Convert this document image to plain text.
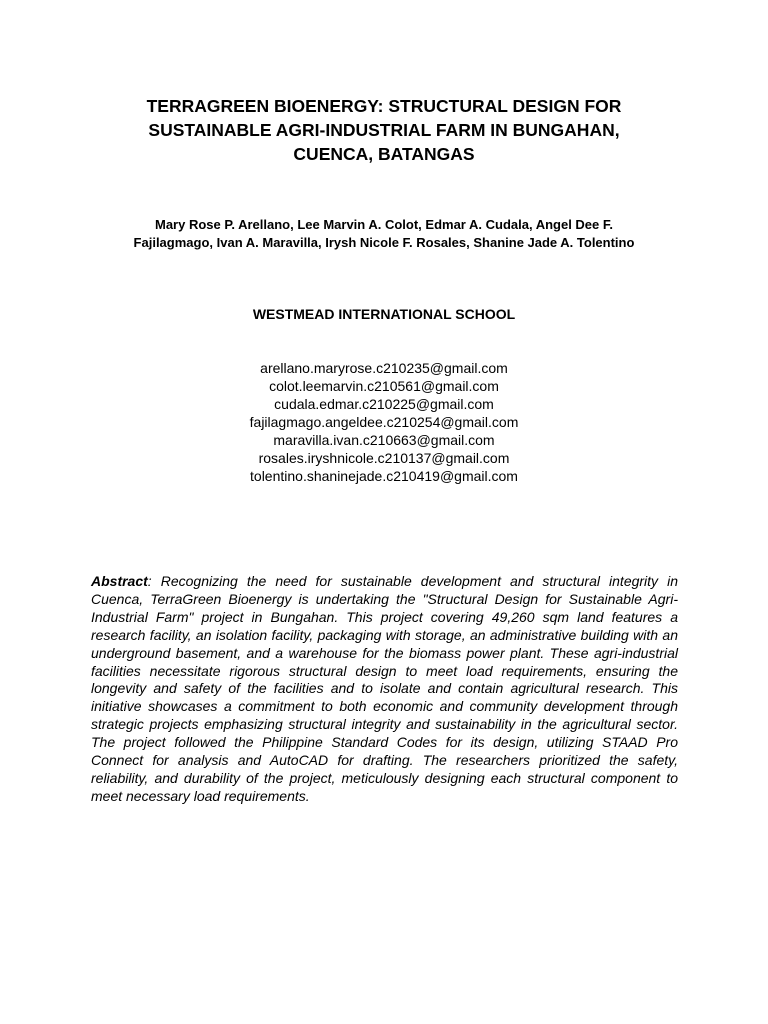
TERRAGREEN BIOENERGY: STRUCTURAL DESIGN FOR
SUSTAINABLE AGRI-INDUSTRIAL FARM IN BUNGAHAN,
CUENCA, BATANGAS

Mary Rose P. Arellano, Lee Marvin A. Colot, Edmar A. Cudala, Angel Dee F.
Fajilagmago, Ivan A. Maravilla, Irysh Nicole F. Rosales, Shanine Jade A. Tolentino

WESTMEAD INTERNATIONAL SCHOOL

arellano.maryrose.c210235@gmail.com
colot.leemarvin.c210561@gmail.com
cudala.edmar.c210225@gmail.com
fajilagmago.angeldee.c210254@gmail.com
maravilla.ivan.c210663@gmail.com
rosales.iryshnicole.c210137@gmail.com
tolentino.shaninejade.c210419@gmail.com

Abstract: Recognizing the need for sustainable development and structural integrity in Cuenca, TerraGreen Bioenergy is undertaking the "Structural Design for Sustainable Agri-Industrial Farm" project in Bungahan. This project covering 49,260 sqm land features a research facility, an isolation facility, packaging with storage, an administrative building with an underground basement, and a warehouse for the biomass power plant. These agri-industrial facilities necessitate rigorous structural design to meet load requirements, ensuring the longevity and safety of the facilities and to isolate and contain agricultural research. This initiative showcases a commitment to both economic and community development through strategic projects emphasizing structural integrity and sustainability in the agricultural sector. The project followed the Philippine Standard Codes for its design, utilizing STAAD Pro Connect for analysis and AutoCAD for drafting. The researchers prioritized the safety, reliability, and durability of the project, meticulously designing each structural component to meet necessary load requirements.
